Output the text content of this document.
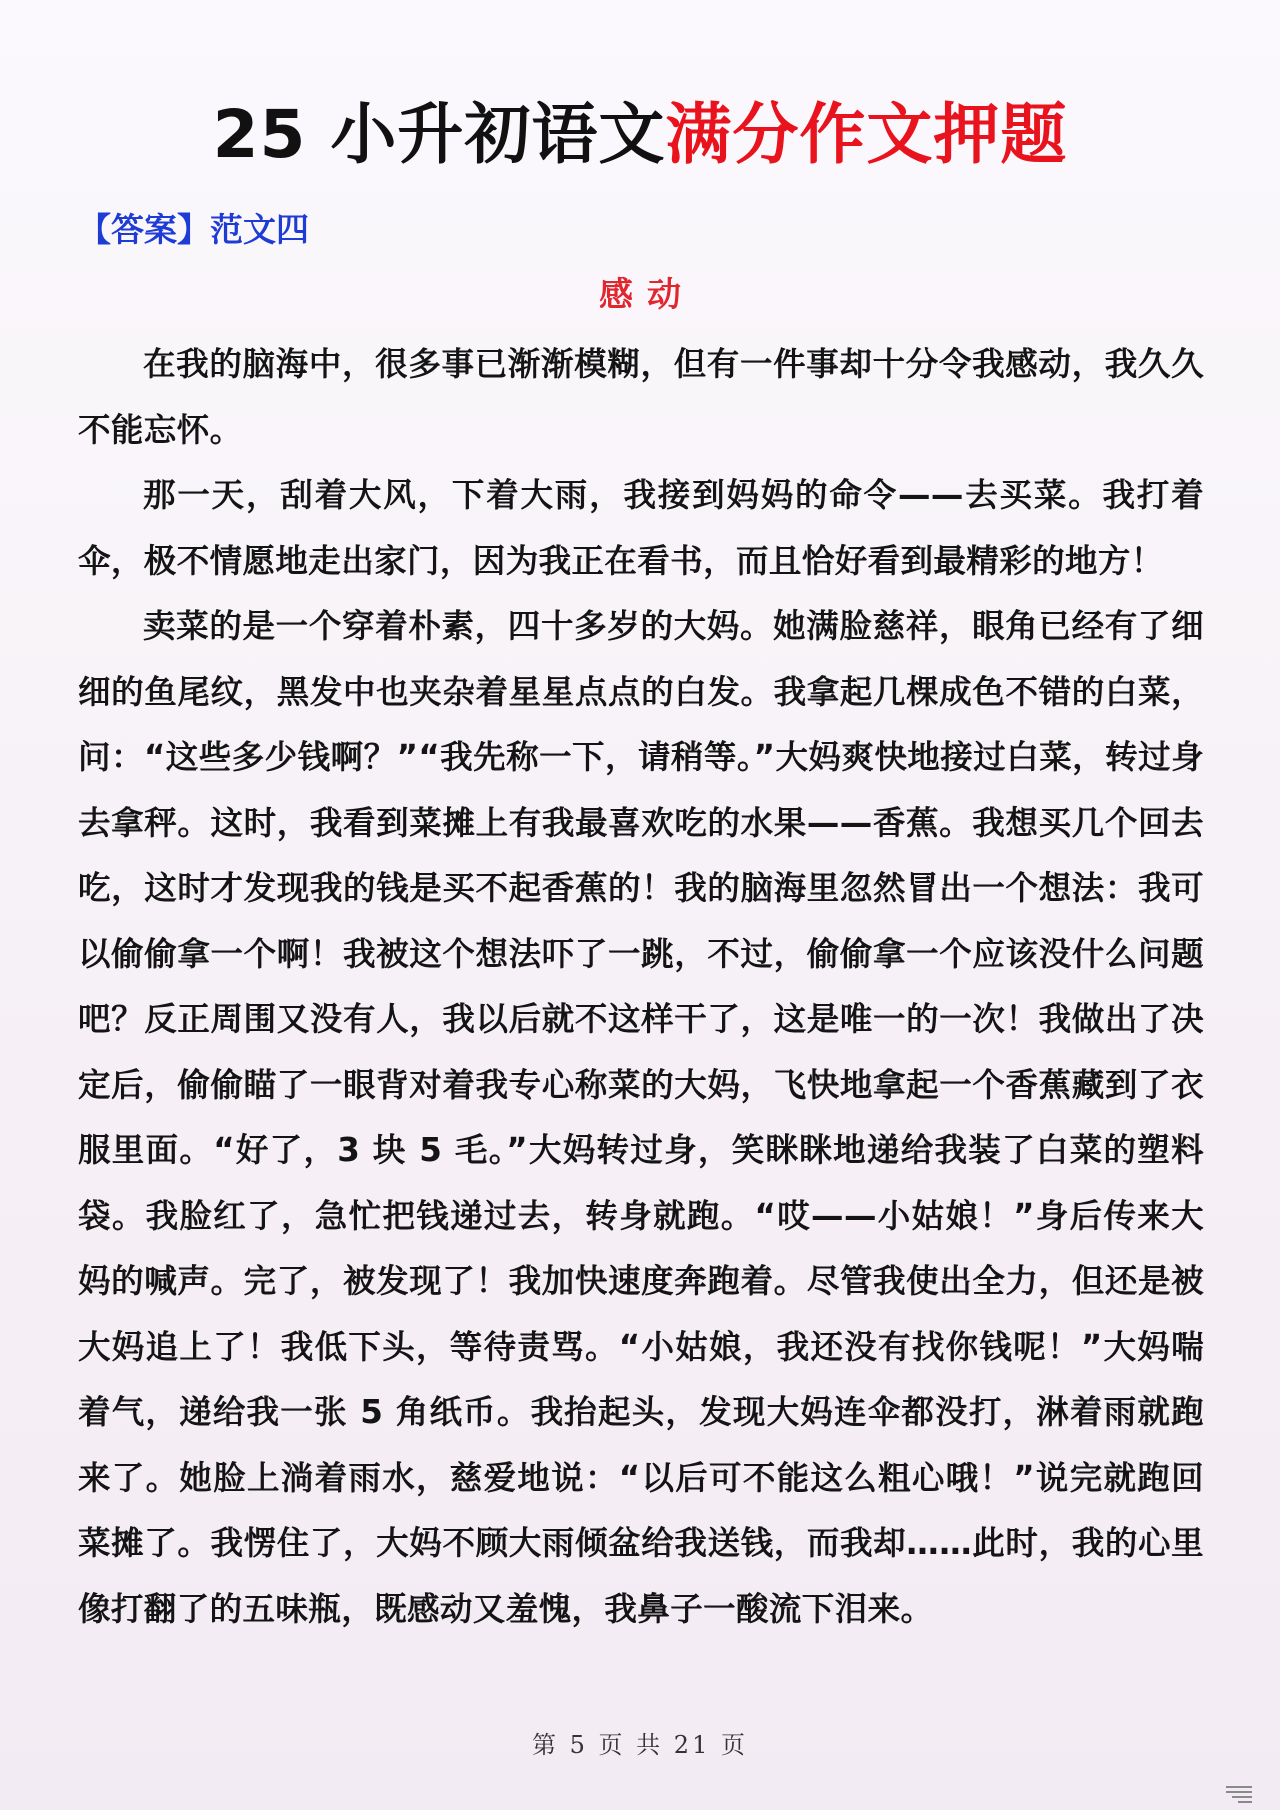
25 小升初语文满分作文押题
【答案】范文四
感动

在我的脑海中，很多事已渐渐模糊，但有一件事却十分令我感动，我久久不能忘怀。

那一天，刮着大风，下着大雨，我接到妈妈的命令——去买菜。我打着伞，极不情愿地走出家门，因为我正在看书，而且恰好看到最精彩的地方！

卖菜的是一个穿着朴素，四十多岁的大妈。她满脸慈祥，眼角已经有了细细的鱼尾纹，黑发中也夹杂着星星点点的白发。我拿起几棵成色不错的白菜，问：“这些多少钱啊？”“我先称一下，请稍等。”大妈爽快地接过白菜，转过身去拿秤。这时，我看到菜摊上有我最喜欢吃的水果——香蕉。我想买几个回去吃，这时才发现我的钱是买不起香蕉的！我的脑海里忽然冒出一个想法：我可以偷偷拿一个啊！我被这个想法吓了一跳，不过，偷偷拿一个应该没什么问题吧？反正周围又没有人，我以后就不这样干了，这是唯一的一次！我做出了决定后，偷偷瞄了一眼背对着我专心称菜的大妈，飞快地拿起一个香蕉藏到了衣服里面。“好了，3 块 5 毛。”大妈转过身，笑眯眯地递给我装了白菜的塑料袋。我脸红了，急忙把钱递过去，转身就跑。“哎——小姑娘！”身后传来大妈的喊声。完了，被发现了！我加快速度奔跑着。尽管我使出全力，但还是被大妈追上了！我低下头，等待责骂。“小姑娘，我还没有找你钱呢！”大妈喘着气，递给我一张 5 角纸币。我抬起头，发现大妈连伞都没打，淋着雨就跑来了。她脸上淌着雨水，慈爱地说：“以后可不能这么粗心哦！”说完就跑回菜摊了。我愣住了，大妈不顾大雨倾盆给我送钱，而我却……此时，我的心里像打翻了的五味瓶，既感动又羞愧，我鼻子一酸流下泪来。

第 5 页 共 21 页
